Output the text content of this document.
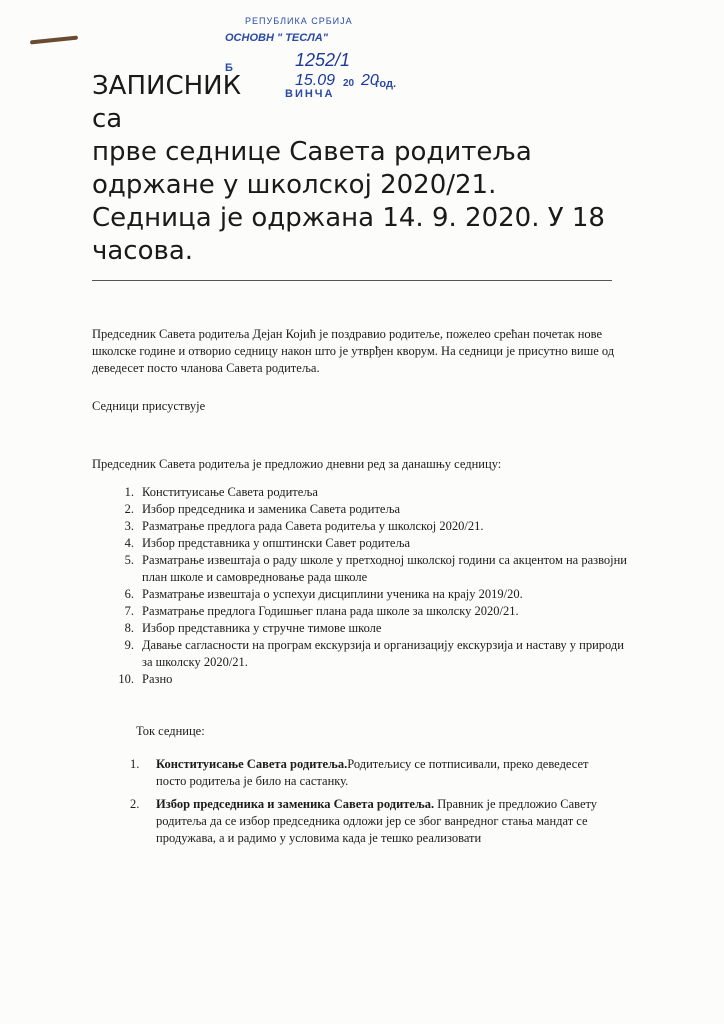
РЕПУБЛИКА СРБИЈА
ОСНОВН " ТЕСЛА"
Б	1252/1
15.09 20 20
год.
ВИНЧА
ЗАПИСНИК
са
прве седнице Савета родитеља
одржане у школској 2020/21.
Седница је одржана 14. 9. 2020. У 18
часова.
Председник Савета родитеља Дејан Којић је поздравио родитеље, пожелео срећан почетак нове школске године и отворио седницу након што је утврђен кворум. На седници је присутно више од деведесет посто чланова Савета родитеља.
Седници присуствује
Председник Савета родитеља је предложио дневни ред за данашњу седницу:
1. Конституисање Савета родитеља
2. Избор председника и заменика Савета родитеља
3. Разматрање предлога рада Савета родитеља у школској 2020/21.
4. Избор представника у општински Савет родитеља
5. Разматрање извештаја о раду школе у претходној школској години са акцентом на развојни план школе и самовредновање рада школе
6. Разматрање извештаја о успехуи дисциплини ученика на крају 2019/20.
7. Разматрање предлога Годишњег плана рада школе за школску 2020/21.
8. Избор представника у стручне тимове школе
9. Давање сагласности на програм екскурзија и организацију екскурзија и наставу у природи за школску 2020/21.
10. Разно
Ток седнице:
1.	Конституисање Савета родитеља.Родитељису се потписивали, преко деведесет посто родитеља је било на састанку.
2.	Избор председника и заменика Савета родитеља. Правник је предложио Савету родитеља да се избор председника одложи јер се због ванредног стања мандат се продужава, а и радимо у условима када је тешко реализовати
